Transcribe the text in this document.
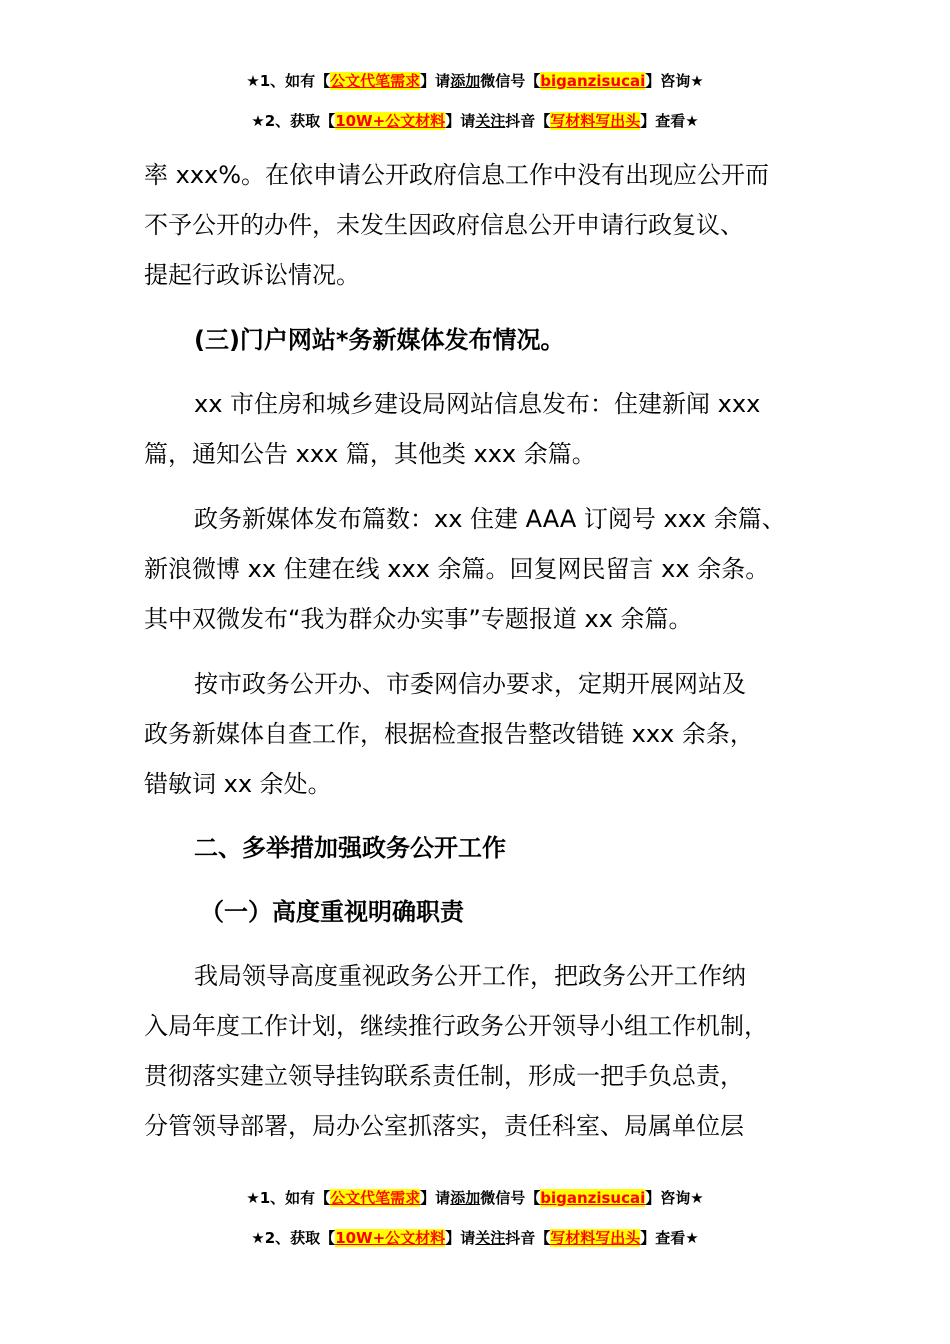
★1、如有【公文代笔需求】请添加微信号【biganzisucai】咨询★
★2、获取【10W+公文材料】请关注抖音【写材料写出头】查看★
率 xxx%。在依申请公开政府信息工作中没有出现应公开而
不予公开的办件，未发生因政府信息公开申请行政复议、
提起行政诉讼情况。
(三)门户网站*务新媒体发布情况。
xx 市住房和城乡建设局网站信息发布：住建新闻 xxx
篇，通知公告 xxx 篇，其他类 xxx 余篇。
政务新媒体发布篇数：xx 住建 AAA 订阅号 xxx 余篇、
新浪微博 xx 住建在线 xxx 余篇。回复网民留言 xx 余条。
其中双微发布“我为群众办实事”专题报道 xx 余篇。
按市政务公开办、市委网信办要求，定期开展网站及
政务新媒体自查工作，根据检查报告整改错链 xxx 余条，
错敏词 xx 余处。
二、多举措加强政务公开工作
（一）高度重视明确职责
我局领导高度重视政务公开工作，把政务公开工作纳
入局年度工作计划，继续推行政务公开领导小组工作机制，
贯彻落实建立领导挂钩联系责任制，形成一把手负总责，
分管领导部署，局办公室抓落实，责任科室、局属单位层
★1、如有【公文代笔需求】请添加微信号【biganzisucai】咨询★
★2、获取【10W+公文材料】请关注抖音【写材料写出头】查看★
